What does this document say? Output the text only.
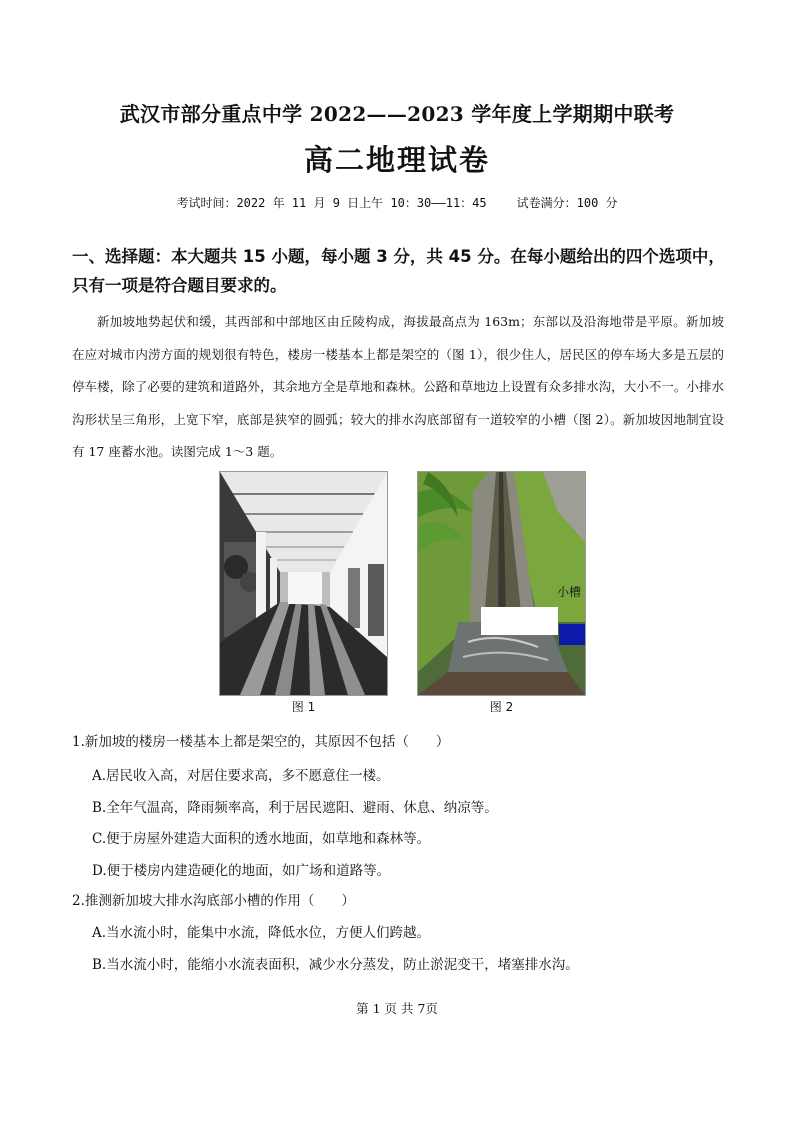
武汉市部分重点中学 2022——2023 学年度上学期期中联考
高二地理试卷
考试时间：2022 年 11 月 9 日上午 10：30——11：45	试卷满分：100 分
一、选择题：本大题共 15 小题，每小题 3 分，共 45 分。在每小题给出的四个选项中，只有一项是符合题目要求的。
新加坡地势起伏和缓，其西部和中部地区由丘陵构成，海拔最高点为 163m；东部以及沿海地带是平原。新加坡在应对城市内涝方面的规划很有特色，楼房一楼基本上都是架空的（图 1），很少住人，居民区的停车场大多是五层的停车楼，除了必要的建筑和道路外，其余地方全是草地和森林。公路和草地边上设置有众多排水沟，大小不一。小排水沟形状呈三角形，上宽下窄，底部是狭窄的圆弧；较大的排水沟底部留有一道较窄的小槽（图 2）。新加坡因地制宜设有 17 座蓄水池。读图完成 1～3 题。
小槽
图 1	图 2
1.新加坡的楼房一楼基本上都是架空的，其原因不包括（　　）
A.居民收入高，对居住要求高，多不愿意住一楼。
B.全年气温高，降雨频率高，利于居民遮阳、避雨、休息、纳凉等。
C.便于房屋外建造大面积的透水地面，如草地和森林等。
D.便于楼房内建造硬化的地面，如广场和道路等。
2.推测新加坡大排水沟底部小槽的作用（　　）
A.当水流小时，能集中水流，降低水位，方便人们跨越。
B.当水流小时，能缩小水流表面积，减少水分蒸发，防止淤泥变干，堵塞排水沟。
第 1 页 共 7页
